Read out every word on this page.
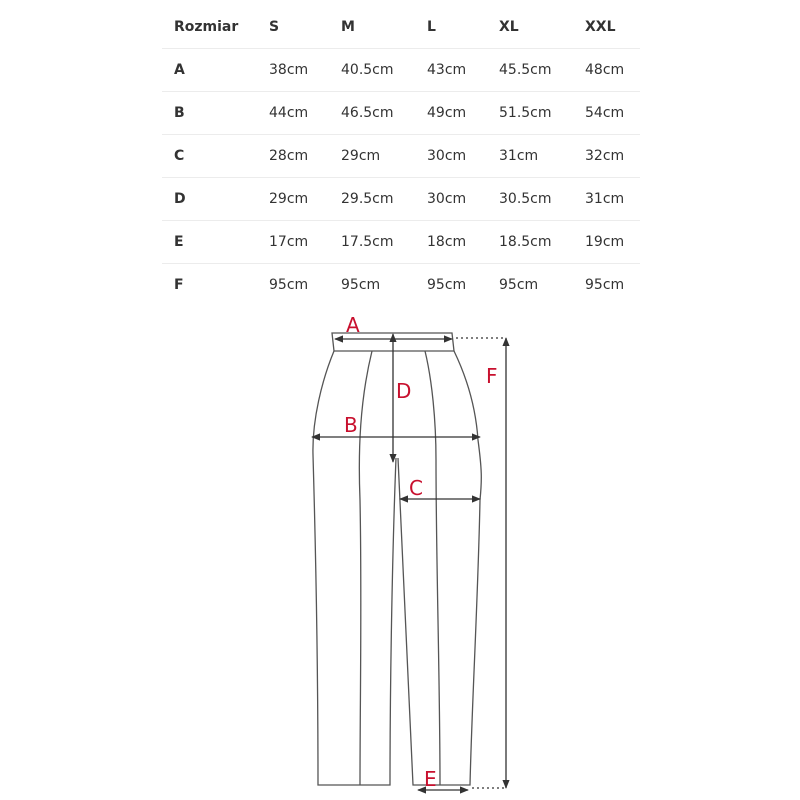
Rozmiar	S	M	L	XL	XXL
A	38cm	40.5cm	43cm	45.5cm	48cm
B	44cm	46.5cm	49cm	51.5cm	54cm
C	28cm	29cm	30cm	31cm	32cm
D	29cm	29.5cm	30cm	30.5cm	31cm
E	17cm	17.5cm	18cm	18.5cm	19cm
F	95cm	95cm	95cm	95cm	95cm
A
B
C
D
E
F
